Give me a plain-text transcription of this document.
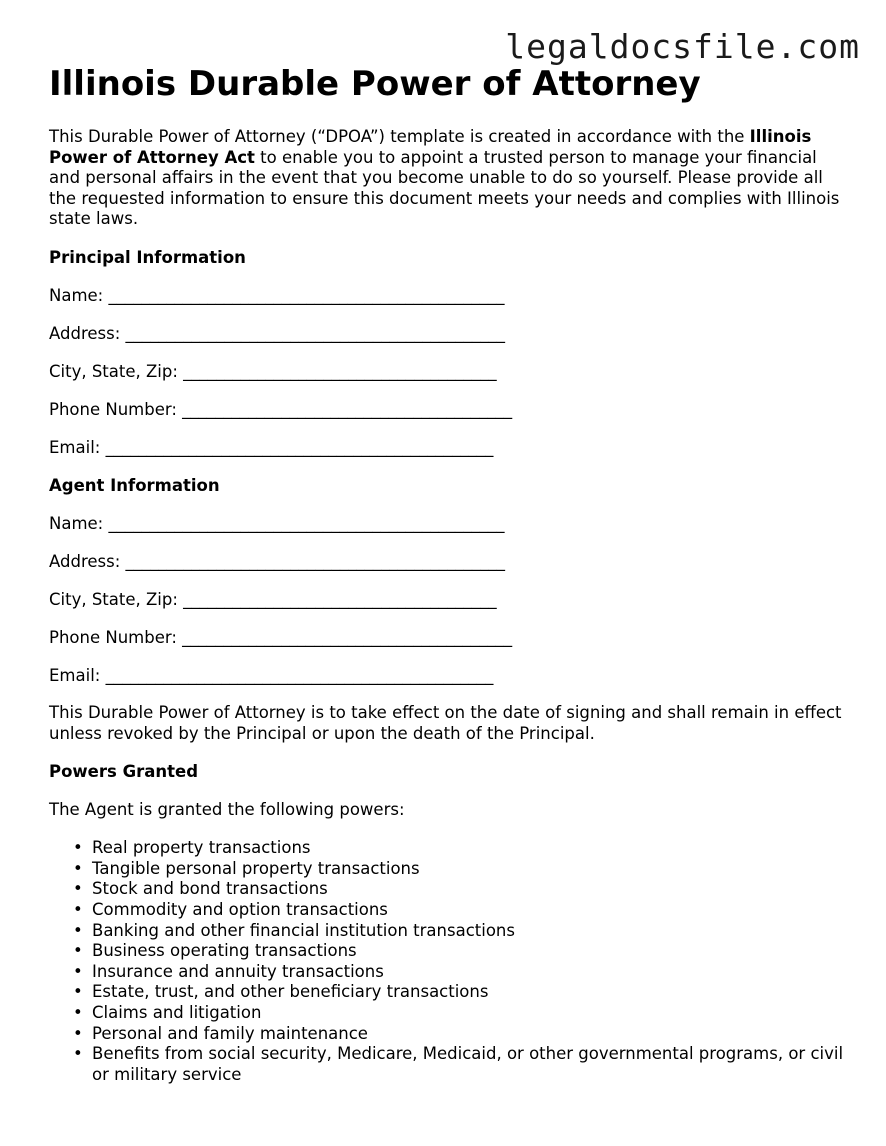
legaldocsfile.com

Illinois Durable Power of Attorney

This Durable Power of Attorney (“DPOA”) template is created in accordance with the Illinois Power of Attorney Act to enable you to appoint a trusted person to manage your financial and personal affairs in the event that you become unable to do so yourself. Please provide all the requested information to ensure this document meets your needs and complies with Illinois state laws.

Principal Information

Name: ________________________________________________

Address: ______________________________________________

City, State, Zip: ______________________________________

Phone Number: ________________________________________

Email: _______________________________________________

Agent Information

Name: ________________________________________________

Address: ______________________________________________

City, State, Zip: ______________________________________

Phone Number: ________________________________________

Email: _______________________________________________

This Durable Power of Attorney is to take effect on the date of signing and shall remain in effect unless revoked by the Principal or upon the death of the Principal.

Powers Granted

The Agent is granted the following powers:

• Real property transactions
• Tangible personal property transactions
• Stock and bond transactions
• Commodity and option transactions
• Banking and other financial institution transactions
• Business operating transactions
• Insurance and annuity transactions
• Estate, trust, and other beneficiary transactions
• Claims and litigation
• Personal and family maintenance
• Benefits from social security, Medicare, Medicaid, or other governmental programs, or civil or military service
